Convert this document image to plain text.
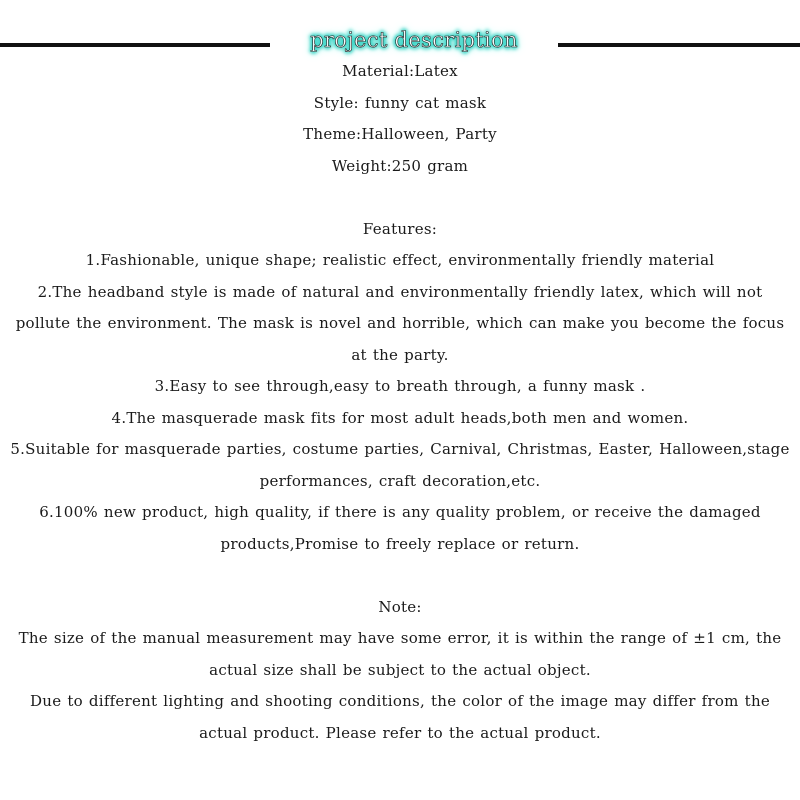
project description

Material:Latex

Style: funny cat mask

Theme:Halloween, Party

Weight:250 gram

Features:

1.Fashionable, unique shape; realistic effect, environmentally friendly material

2.The headband style is made of natural and environmentally friendly latex, which will not pollute the environment. The mask is novel and horrible, which can make you become the focus at the party.

3.Easy to see through,easy to breath through, a funny mask .

4.The masquerade mask fits for most adult heads,both men and women.

5.Suitable for masquerade parties, costume parties, Carnival, Christmas, Easter, Halloween,stage performances, craft decoration,etc.

6.100% new product, high quality, if there is any quality problem, or receive the damaged products,Promise to freely replace or return.

Note:

The size of the manual measurement may have some error, it is within the range of ±1 cm, the actual size shall be subject to the actual object.

Due to different lighting and shooting conditions, the color of the image may differ from the actual product. Please refer to the actual product.
